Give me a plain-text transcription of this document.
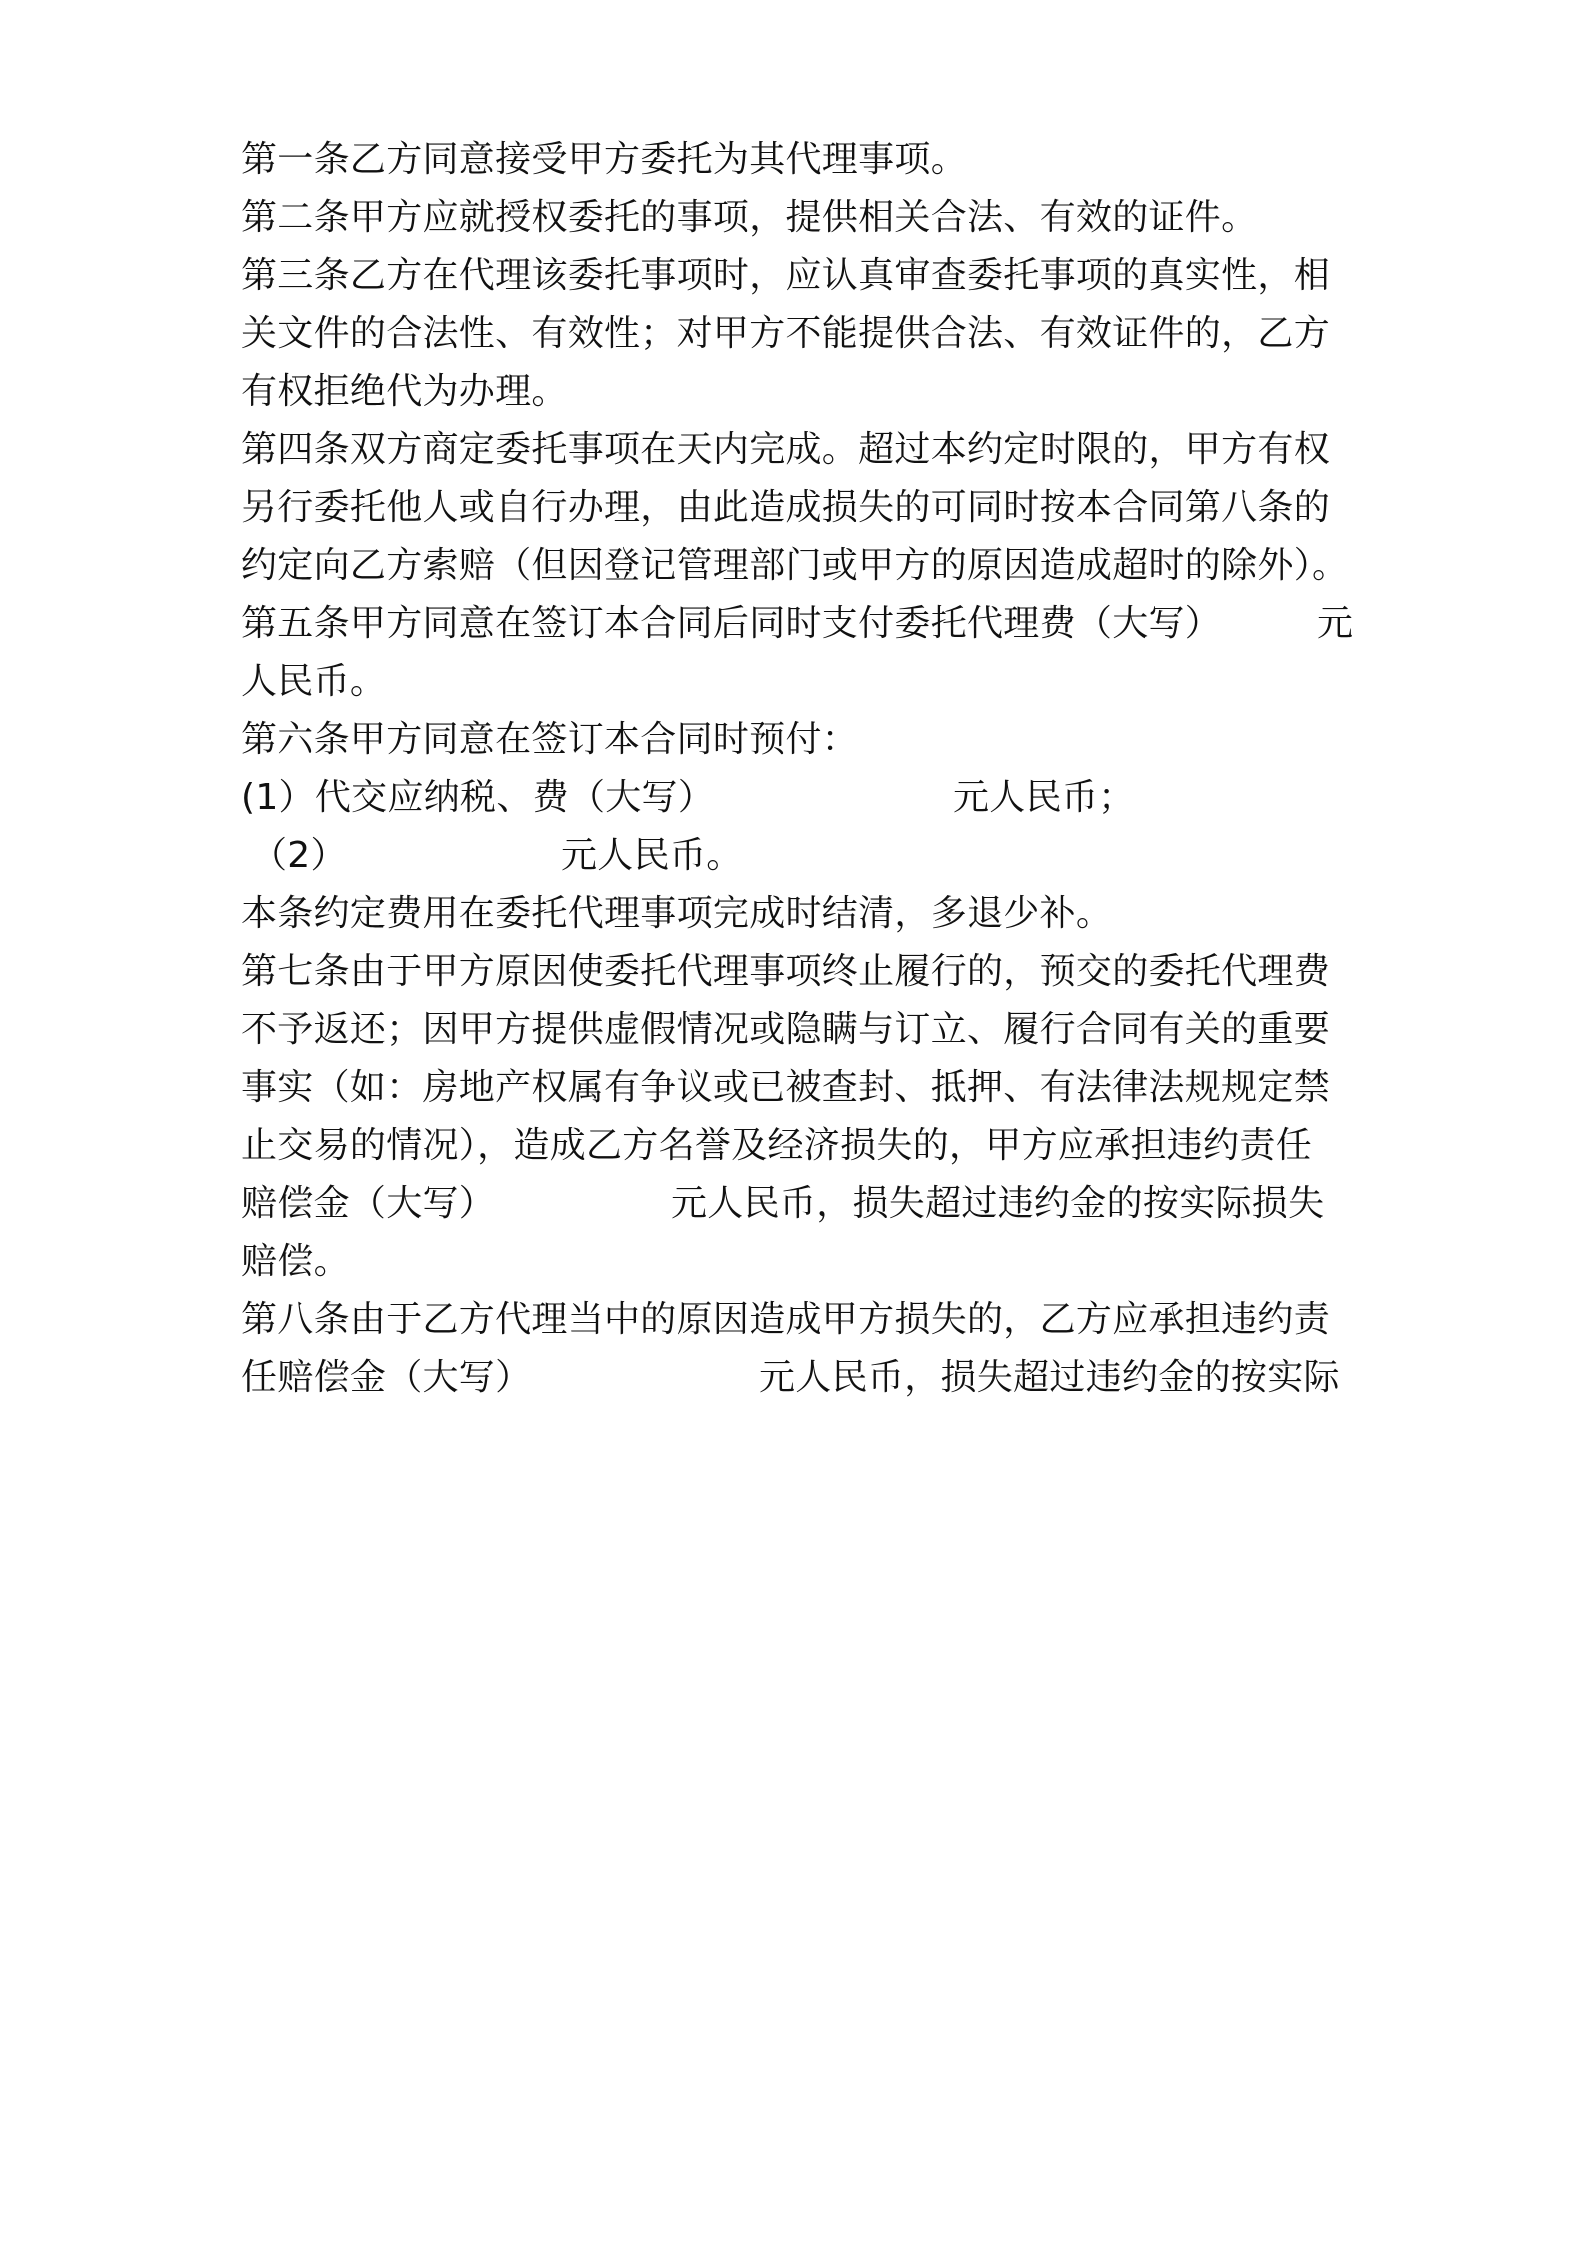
第一条乙方同意接受甲方委托为其代理事项。

第二条甲方应就授权委托的事项，提供相关合法、有效的证件。

第三条乙方在代理该委托事项时，应认真审查委托事项的真实性，相

关文件的合法性、有效性；对甲方不能提供合法、有效证件的，乙方

有权拒绝代为办理。

第四条双方商定委托事项在天内完成。超过本约定时限的，甲方有权

另行委托他人或自行办理，由此造成损失的可同时按本合同第八条的

约定向乙方索赔（但因登记管理部门或甲方的原因造成超时的除外）。

第五条甲方同意在签订本合同后同时支付委托代理费（大写）	元

人民币。

第六条甲方同意在签订本合同时预付：

(1）代交应纳税、费（大写）	元人民币；

（2）	元人民币。

本条约定费用在委托代理事项完成时结清，多退少补。

第七条由于甲方原因使委托代理事项终止履行的，预交的委托代理费

不予返还；因甲方提供虚假情况或隐瞒与订立、履行合同有关的重要

事实（如：房地产权属有争议或已被查封、抵押、有法律法规规定禁

止交易的情况），造成乙方名誉及经济损失的，甲方应承担违约责任

赔偿金（大写）	元人民币，损失超过违约金的按实际损失

赔偿。

第八条由于乙方代理当中的原因造成甲方损失的，乙方应承担违约责

任赔偿金（大写）	元人民币，损失超过违约金的按实际
